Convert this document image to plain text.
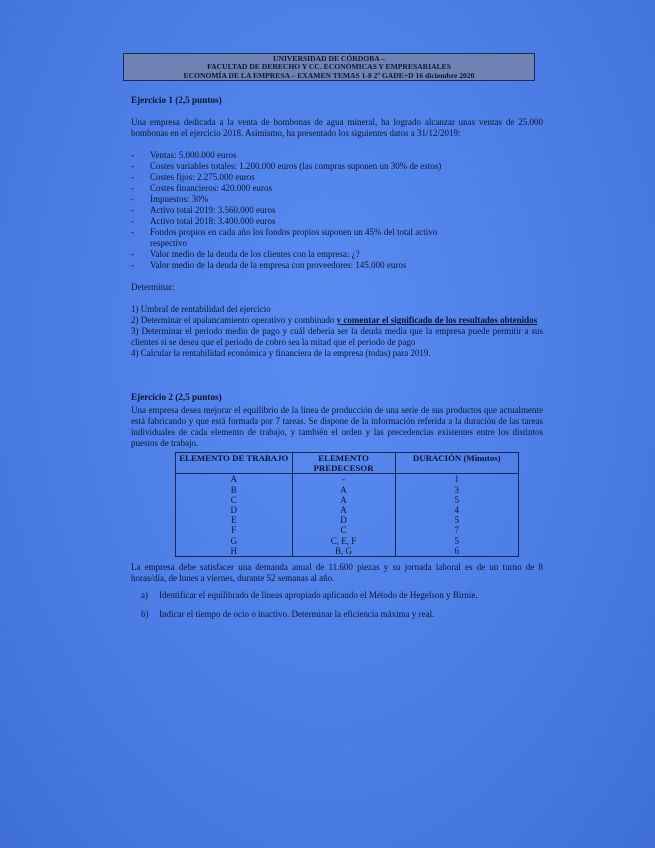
UNIVERSIDAD DE CÓRDOBA –
FACULTAD DE DERECHO Y CC. ECONÓMICAS Y EMPRESARIALES
ECONOMÍA DE LA EMPRESA – EXAMEN TEMAS 1-8 2º GADE+D 16 diciembre 2020

Ejercicio 1 (2,5 puntos)

Una empresa dedicada a la venta de bombonas de agua mineral, ha logrado alcanzar unas ventas de 25.000 bombonas en el ejercicio 2018. Asimismo, ha presentado los siguientes datos a 31/12/2019:

- Ventas: 5.000.000 euros
- Costes variables totales: 1.200.000 euros (las compras suponen un 30% de estos)
- Costes fijos: 2.275.000 euros
- Costes financieros: 420.000 euros
- Impuestos: 30%
- Activo total 2019: 3.560.000 euros
- Activo total 2018: 3.400.000 euros
- Fondos propios en cada año los fondos propios suponen un 45% del total activo respectivo
- Valor medio de la deuda de los clientes con la empresa: ¿?
- Valor medio de la deuda de la empresa con proveedores: 145.000 euros

Determinar:

1) Umbral de rentabilidad del ejercicio

2) Determinar el apalancamiento operativo y combinado y comentar el significado de los resultados obtenidos

3) Determinar el periodo medio de pago y cuál debería ser la deuda media que la empresa puede permitir a sus clientes si se desea que el periodo de cobro sea la mitad que el periodo de pago

4) Calcular la rentabilidad económica y financiera de la empresa (todas) para 2019.

Ejercicio 2 (2,5 puntos)

Una empresa desea mejorar el equilibrio de la línea de producción de una serie de sus productos que actualmente está fabricando y que está formada por 7 tareas. Se dispone de la información referida a la duración de las tareas individuales de cada elemento de trabajo, y también el orden y las precedencias existentes entre los distintos puestos de trabajo.

ELEMENTO DE TRABAJO	ELEMENTO PREDECESOR	DURACIÓN (Minutos)
A	-	1
B	A	3
C	A	5
D	A	4
E	D	5
F	C	7
G	C, E, F	5
H	B, G	6

La empresa debe satisfacer una demanda anual de 11.600 piezas y su jornada laboral es de un turno de 8 horas/día, de lunes a viernes, durante 52 semanas al año.

a) Identificar el equilibrado de líneas apropiado aplicando el Método de Hegelson y Birnie.
b) Indicar el tiempo de ocio o inactivo. Determinar la eficiencia máxima y real.
